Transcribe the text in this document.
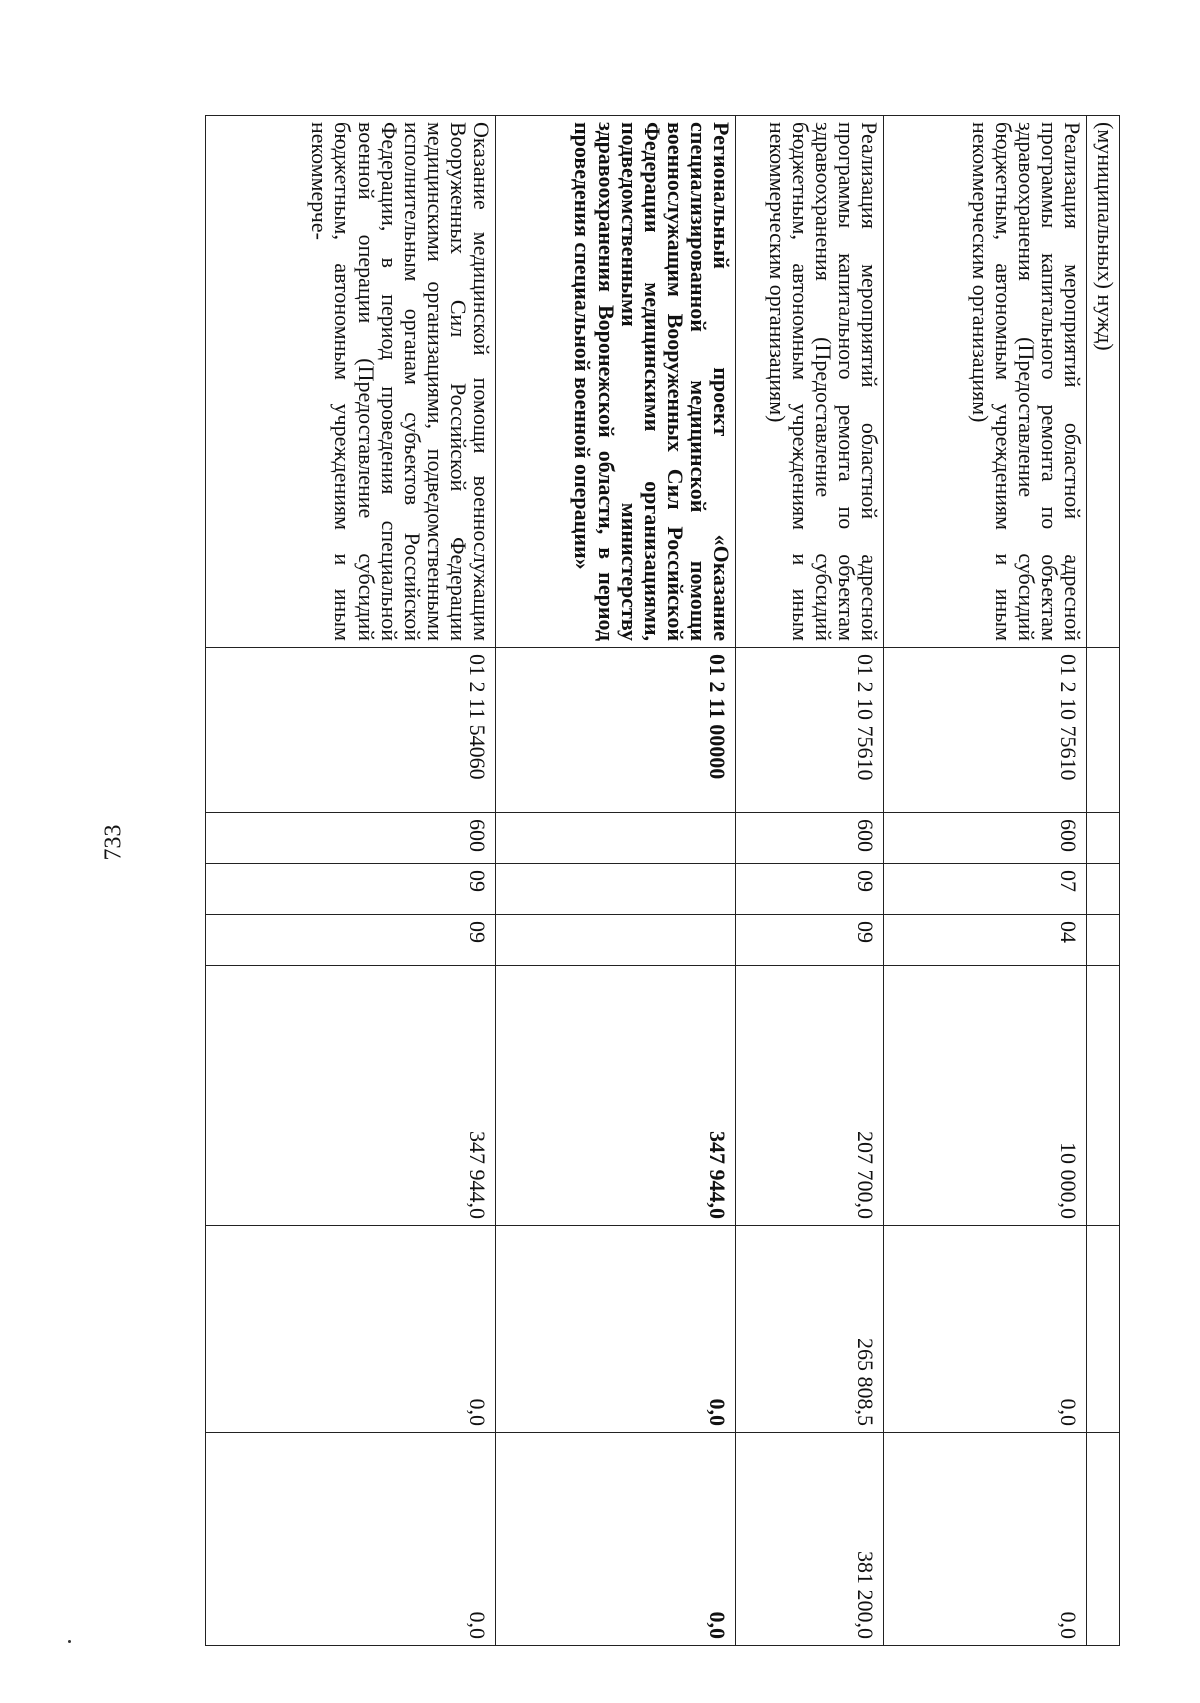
733
(муниципальных) нужд)							
Реализация мероприятий областной адресной программы капитального ремонта по объектам здравоохранения (Предоставление субсидий бюджетным, автономным учреждениям и иным некоммерческим организациям)	01 2 10 75610	600	07	04	10 000,0	0,0	0,0
Реализация мероприятий областной адресной программы капитального ремонта по объектам здравоохранения (Предоставление субсидий бюджетным, автономным учреждениям и иным некоммерческим организациям)	01 2 10 75610	600	09	09	207 700,0	265 808,5	381 200,0
Региональный проект «Оказание специализированной медицинской помощи военнослужащим Вооруженных Сил Российской Федерации медицинскими организациями, подведомственными министерству здравоохранения Воронежской области, в период проведения специальной военной операции»	01 2 11 00000				347 944,0	0,0	0,0
Оказание медицинской помощи военнослужащим Вооруженных Сил Российской Федерации медицинскими организациями, подведомственными исполнительным органам субъектов Российской Федерации, в период проведения специальной военной операции (Предоставление субсидий бюджетным, автономным учреждениям и иным некоммерче-	01 2 11 54060	600	09	09	347 944,0	0,0	0,0
